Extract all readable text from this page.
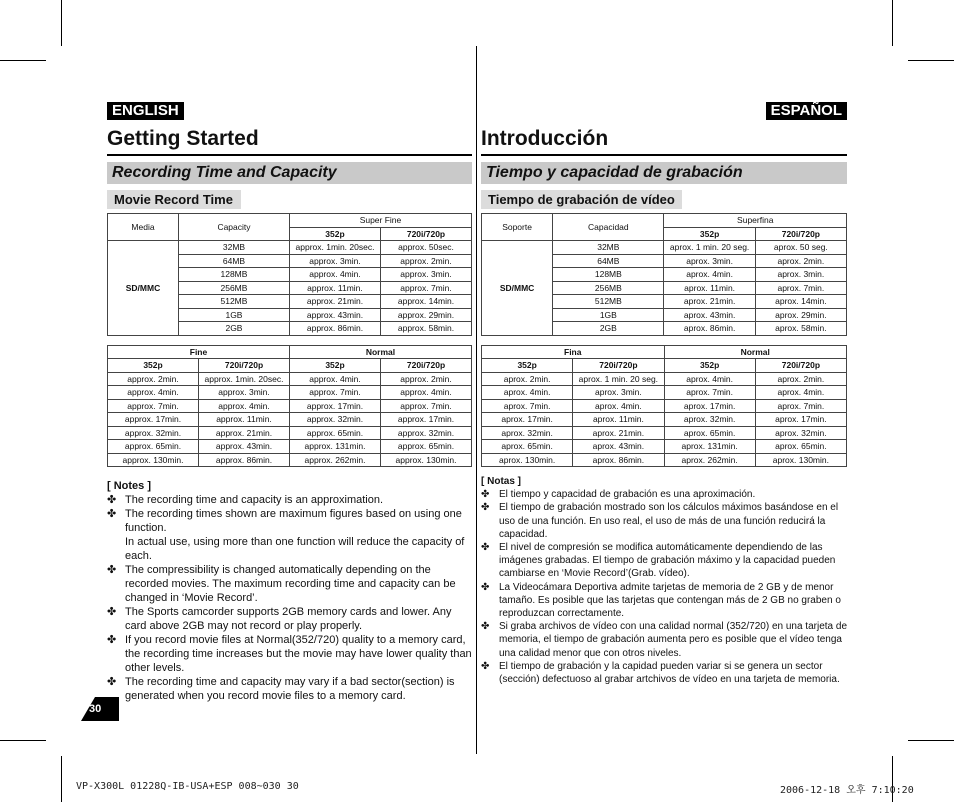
ENGLISH
Getting Started
Recording Time and Capacity
Movie Record Time
Media	Capacity	Super Fine	
		352p	720i/720p
SD/MMC	32MB	approx. 1min. 20sec.	approx. 50sec.
	64MB	approx. 3min.	approx. 2min.
	128MB	approx. 4min.	approx. 3min.
	256MB	approx. 11min.	approx. 7min.
	512MB	approx. 21min.	approx. 14min.
	1GB	approx. 43min.	approx. 29min.
	2GB	approx. 86min.	approx. 58min.
Fine		Normal	
352p	720i/720p	352p	720i/720p
approx. 2min.	approx. 1min. 20sec.	approx. 4min.	approx. 2min.
approx. 4min.	approx. 3min.	approx. 7min.	approx. 4min.
approx. 7min.	approx. 4min.	approx. 17min.	approx. 7min.
approx. 17min.	approx. 11min.	approx. 32min.	approx. 17min.
approx. 32min.	approx. 21min.	approx. 65min.	approx. 32min.
approx. 65min.	approx. 43min.	approx. 131min.	approx. 65min.
approx. 130min.	approx. 86min.	approx. 262min.	approx. 130min.
[ Notes ]
✤ The recording time and capacity is an approximation.
✤ The recording times shown are maximum figures based on using one function.
In actual use, using more than one function will reduce the capacity of each.
✤ The compressibility is changed automatically depending on the recorded movies. The maximum recording time and capacity can be changed in ‘Movie Record’.
✤ The Sports camcorder supports 2GB memory cards and lower. Any card above 2GB may not record or play properly.
✤ If you record movie files at Normal(352/720) quality to a memory card, the recording time increases but the movie may have lower quality than other levels.
✤ The recording time and capacity may vary if a bad sector(section) is generated when you record movie files to a memory card.
ESPAÑOL
Introducción
Tiempo y capacidad de grabación
Tiempo de grabación de vídeo
Soporte	Capacidad	Superfina	
		352p	720i/720p
SD/MMC	32MB	aprox. 1 min. 20 seg.	aprox. 50 seg.
	64MB	aprox. 3min.	aprox. 2min.
	128MB	aprox. 4min.	aprox. 3min.
	256MB	aprox. 11min.	aprox. 7min.
	512MB	aprox. 21min.	aprox. 14min.
	1GB	aprox. 43min.	aprox. 29min.
	2GB	aprox. 86min.	aprox. 58min.
Fina		Normal	
352p	720i/720p	352p	720i/720p
aprox. 2min.	aprox. 1 min. 20 seg.	aprox. 4min.	aprox. 2min.
aprox. 4min.	aprox. 3min.	aprox. 7min.	aprox. 4min.
aprox. 7min.	aprox. 4min.	aprox. 17min.	aprox. 7min.
aprox. 17min.	aprox. 11min.	aprox. 32min.	aprox. 17min.
aprox. 32min.	aprox. 21min.	aprox. 65min.	aprox. 32min.
aprox. 65min.	aprox. 43min.	aprox. 131min.	aprox. 65min.
aprox. 130min.	aprox. 86min.	aprox. 262min.	aprox. 130min.
[ Notas ]
✤ El tiempo y capacidad de grabación es una aproximación.
✤ El tiempo de grabación mostrado son los cálculos máximos basándose en el uso de una función. En uso real, el uso de más de una función reducirá la capacidad.
✤ El nivel de compresión se modifica automáticamente dependiendo de las imágenes grabadas. El tiempo de grabación máximo y la capacidad pueden cambiarse en ‘Movie Record’(Grab. vídeo).
✤ La Videocámara Deportiva admite tarjetas de memoria de 2 GB y de menor tamaño. Es posible que las tarjetas que contengan más de 2 GB no graben o reproduzcan correctamente.
✤ Si graba archivos de vídeo con una calidad normal (352/720) en una tarjeta de memoria, el tiempo de grabación aumenta pero es posible que el vídeo tenga una calidad menor que con otros niveles.
✤ El tiempo de grabación y la capidad pueden variar si se genera un sector (sección) defectuoso al grabar artchivos de vídeo en una tarjeta de memoria.
30
VP-X300L 01228Q-IB-USA+ESP 008~030 30	2006-12-18 오후 7:10:20
